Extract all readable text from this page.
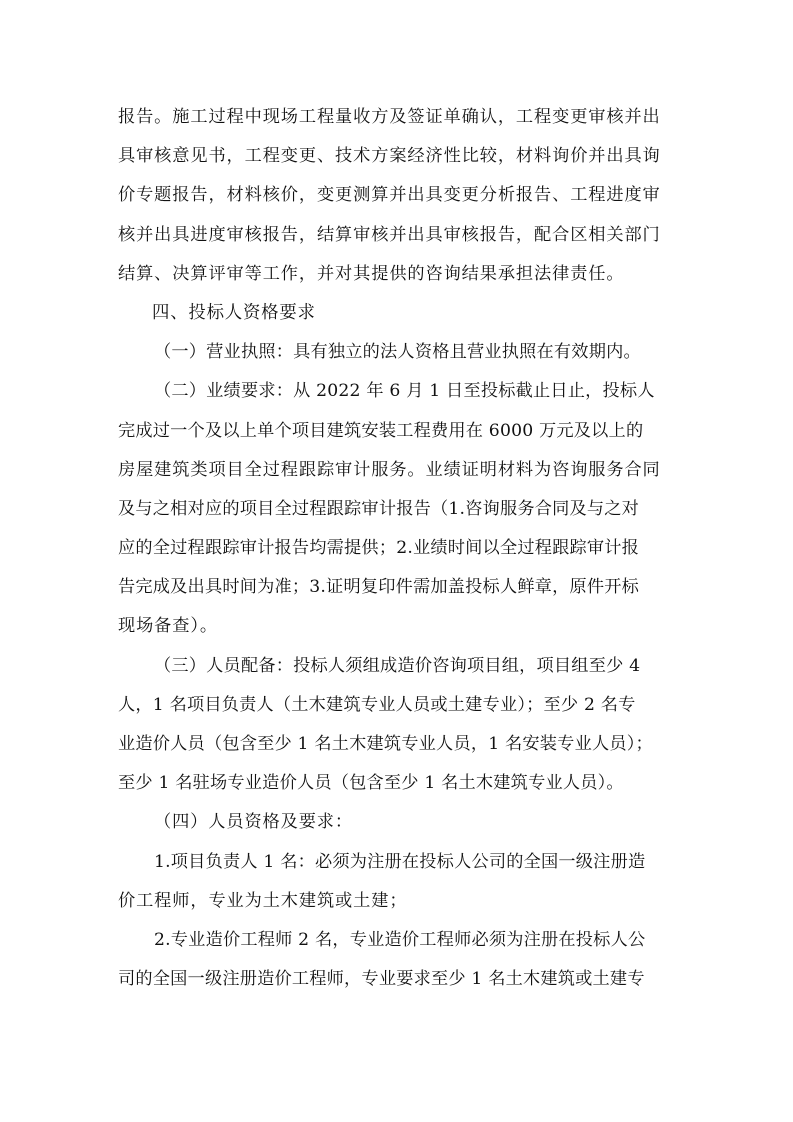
报告。施工过程中现场工程量收方及签证单确认，工程变更审核并出
具审核意见书，工程变更、技术方案经济性比较，材料询价并出具询
价专题报告，材料核价，变更测算并出具变更分析报告、工程进度审
核并出具进度审核报告，结算审核并出具审核报告，配合区相关部门
结算、决算评审等工作，并对其提供的咨询结果承担法律责任。
四、投标人资格要求
（一）营业执照：具有独立的法人资格且营业执照在有效期内。
（二）业绩要求：从 2022 年 6 月 1 日至投标截止日止，投标人
完成过一个及以上单个项目建筑安装工程费用在 6000 万元及以上的
房屋建筑类项目全过程跟踪审计服务。业绩证明材料为咨询服务合同
及与之相对应的项目全过程跟踪审计报告（1.咨询服务合同及与之对
应的全过程跟踪审计报告均需提供；2.业绩时间以全过程跟踪审计报
告完成及出具时间为准；3.证明复印件需加盖投标人鲜章，原件开标
现场备查）。
（三）人员配备：投标人须组成造价咨询项目组，项目组至少 4
人，1 名项目负责人（土木建筑专业人员或土建专业）；至少 2 名专
业造价人员（包含至少 1 名土木建筑专业人员，1 名安装专业人员）；
至少 1 名驻场专业造价人员（包含至少 1 名土木建筑专业人员）。
（四）人员资格及要求：
1.项目负责人 1 名：必须为注册在投标人公司的全国一级注册造
价工程师，专业为土木建筑或土建；
2.专业造价工程师 2 名，专业造价工程师必须为注册在投标人公
司的全国一级注册造价工程师，专业要求至少 1 名土木建筑或土建专
